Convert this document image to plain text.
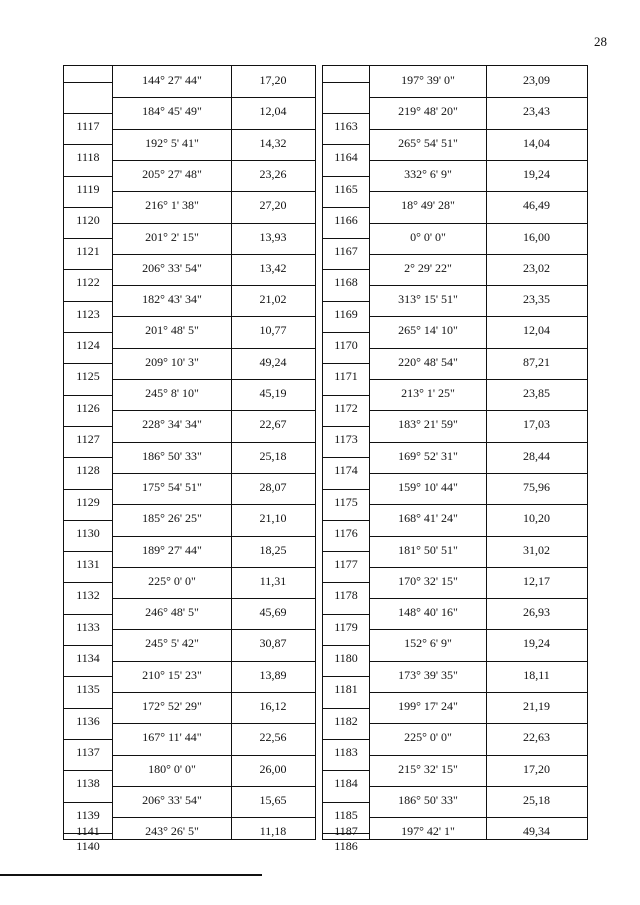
28
1117
1118
1119
1120
1121
1122
1123
1124
1125
1126
1127
1128
1129
1130
1131
1132
1133
1134
1135
1136
1137
1138
1139
1140
1141
144° 27' 44"
184° 45' 49"
192° 5' 41"
205° 27' 48"
216° 1' 38"
201° 2' 15"
206° 33' 54"
182° 43' 34"
201° 48' 5"
209° 10' 3"
245° 8' 10"
228° 34' 34"
186° 50' 33"
175° 54' 51"
185° 26' 25"
189° 27' 44"
225° 0' 0"
246° 48' 5"
245° 5' 42"
210° 15' 23"
172° 52' 29"
167° 11' 44"
180° 0' 0"
206° 33' 54"
243° 26' 5"
17,20
12,04
14,32
23,26
27,20
13,93
13,42
21,02
10,77
49,24
45,19
22,67
25,18
28,07
21,10
18,25
11,31
45,69
30,87
13,89
16,12
22,56
26,00
15,65
11,18
1163
1164
1165
1166
1167
1168
1169
1170
1171
1172
1173
1174
1175
1176
1177
1178
1179
1180
1181
1182
1183
1184
1185
1186
1187
197° 39' 0"
219° 48' 20"
265° 54' 51"
332° 6' 9"
18° 49' 28"
0° 0' 0"
2° 29' 22"
313° 15' 51"
265° 14' 10"
220° 48' 54"
213° 1' 25"
183° 21' 59"
169° 52' 31"
159° 10' 44"
168° 41' 24"
181° 50' 51"
170° 32' 15"
148° 40' 16"
152° 6' 9"
173° 39' 35"
199° 17' 24"
225° 0' 0"
215° 32' 15"
186° 50' 33"
197° 42' 1"
23,09
23,43
14,04
19,24
46,49
16,00
23,02
23,35
12,04
87,21
23,85
17,03
28,44
75,96
10,20
31,02
12,17
26,93
19,24
18,11
21,19
22,63
17,20
25,18
49,34
